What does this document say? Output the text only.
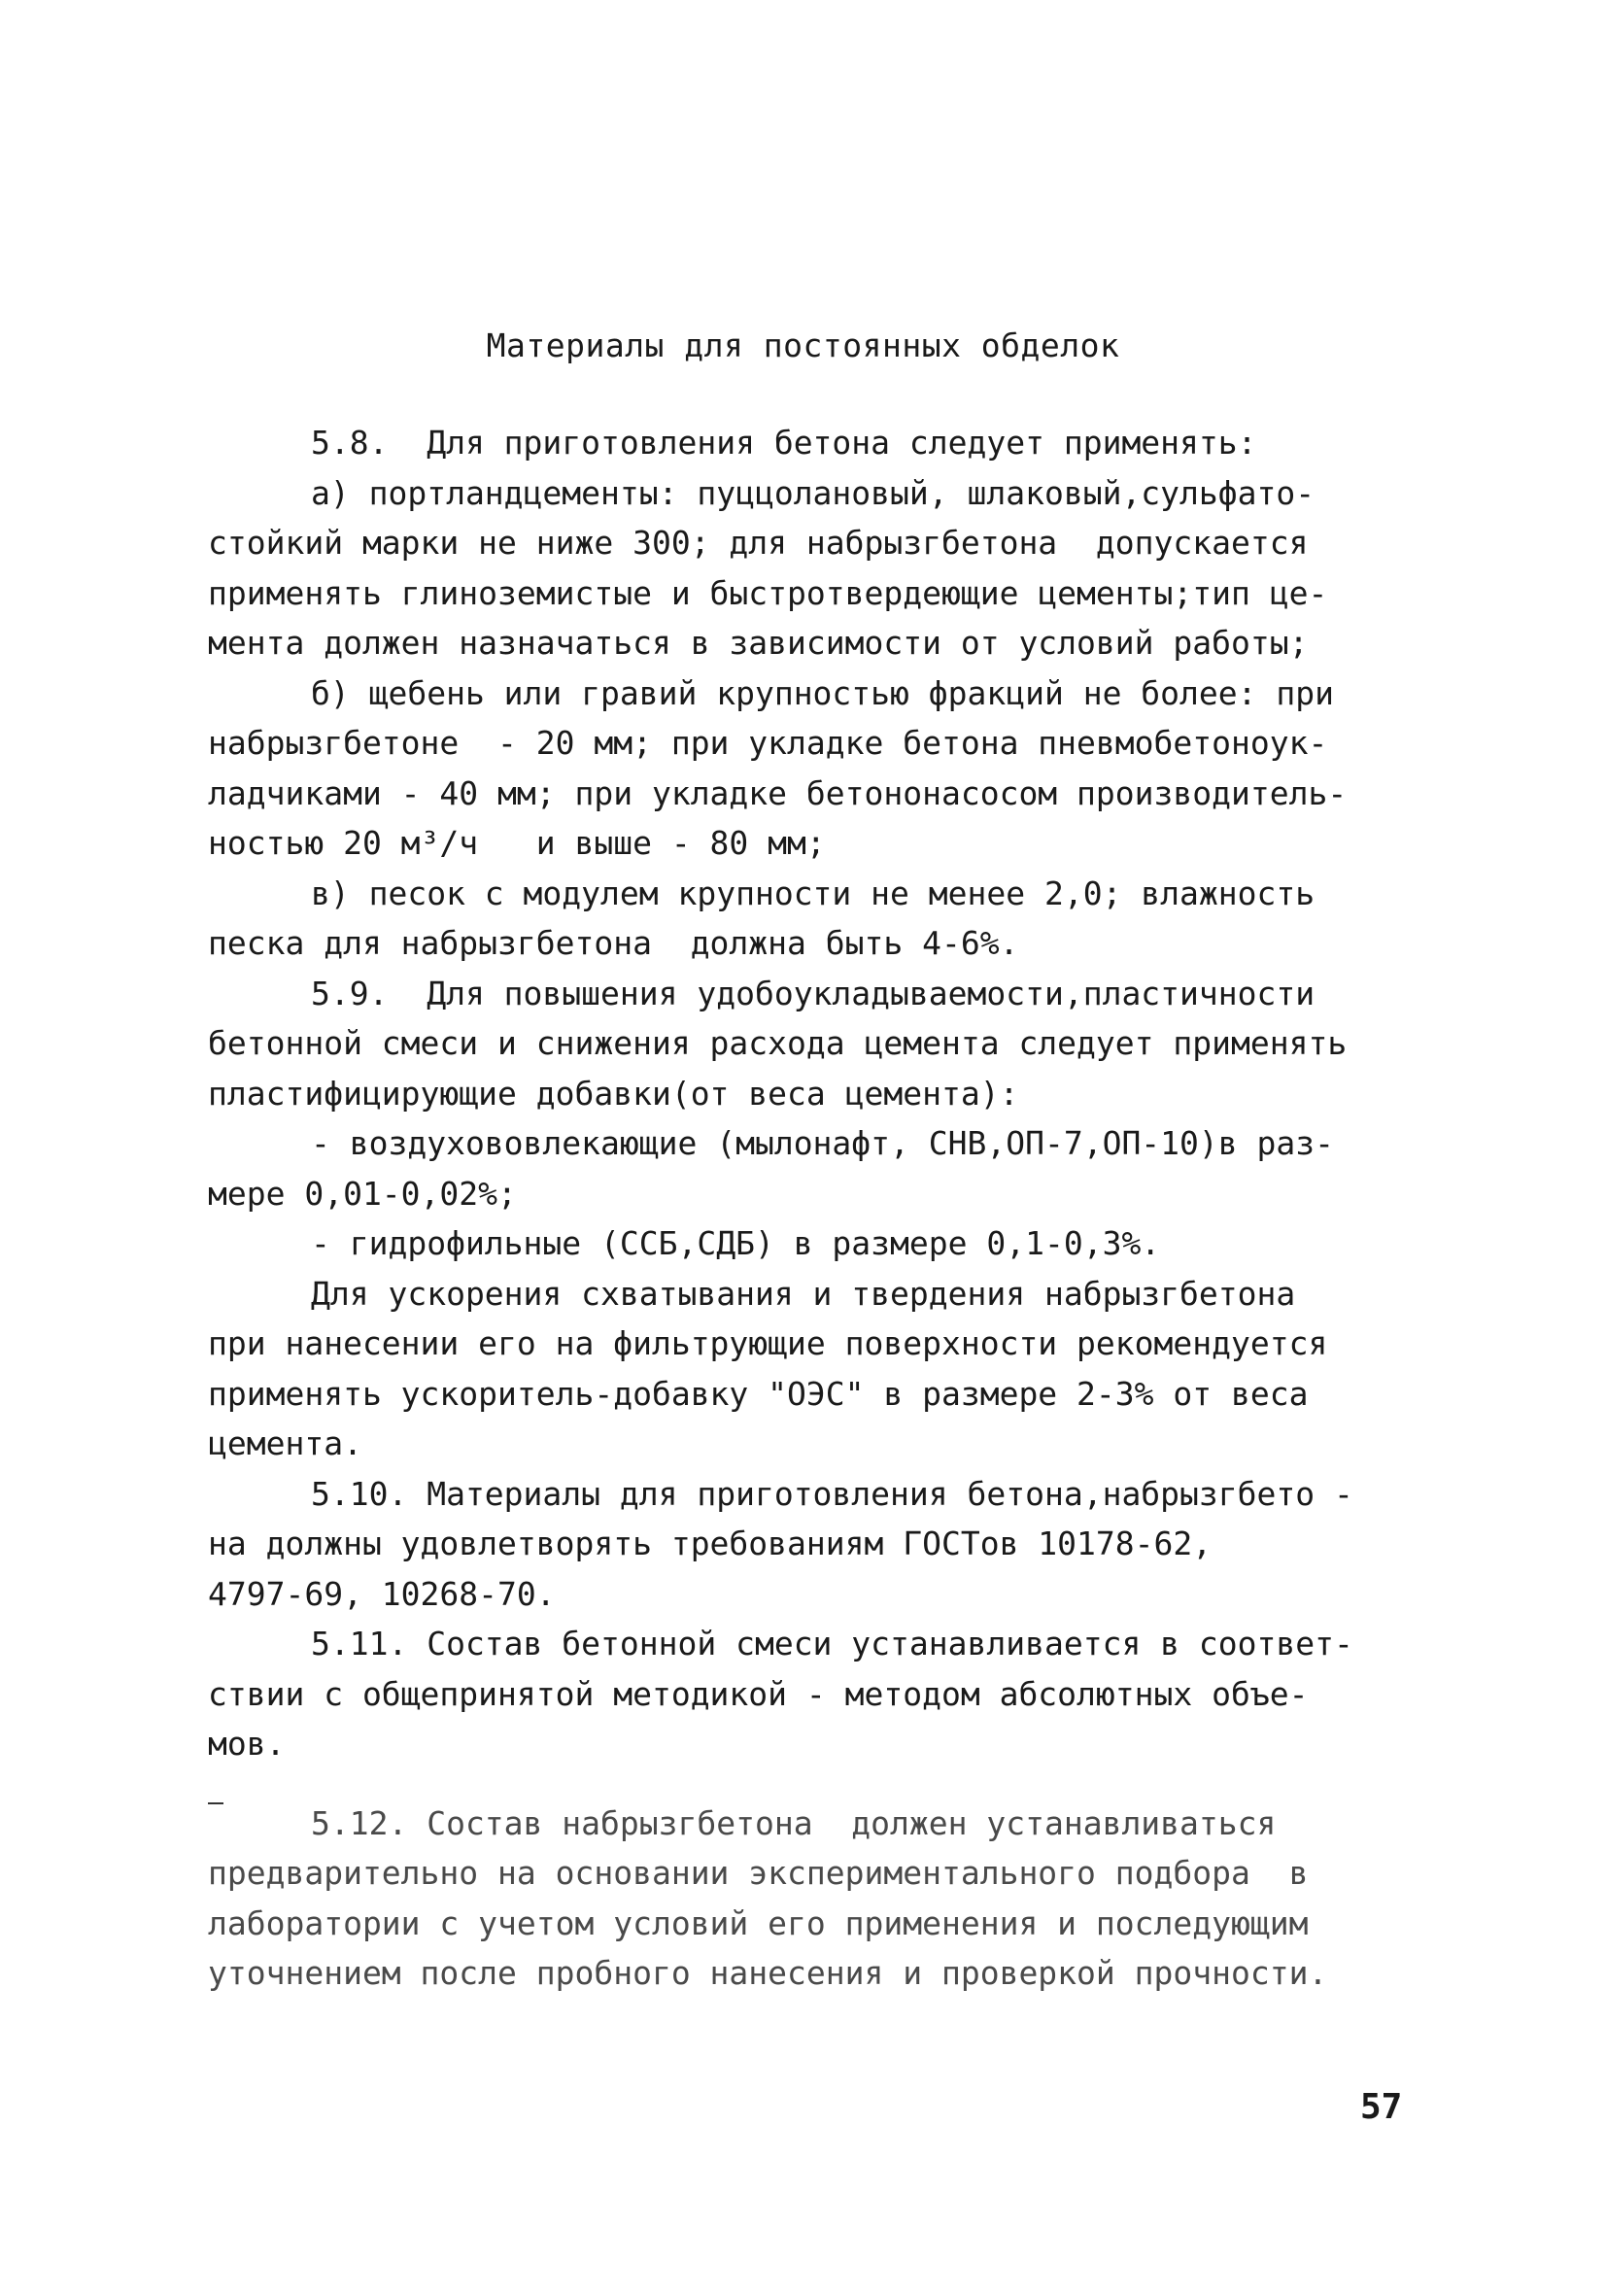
Материалы для постоянных обделок
5.8.  Для приготовления бетона следует применять:
а) портландцементы: пуццолановый, шлаковый,сульфато-
стойкий марки не ниже 300; для набрызгбетона  допускается
применять глиноземистые и быстротвердеющие цементы;тип це-
мента должен назначаться в зависимости от условий работы;
б) щебень или гравий крупностью фракций не более: при
набрызгбетоне  - 20 мм; при укладке бетона пневмобетоноук-
ладчиками - 40 мм; при укладке бетононасосом производитель-
ностью 20 м³/ч   и выше - 80 мм;
в) песок с модулем крупности не менее 2,0; влажность
песка для набрызгбетона  должна быть 4-6%.
5.9.  Для повышения удобоукладываемости,пластичности
бетонной смеси и снижения расхода цемента следует применять
пластифицирующие добавки(от веса цемента):
- воздухововлекающие (мылонафт, СНВ,ОП-7,ОП-10)в раз-
мере 0,01-0,02%;
- гидрофильные (ССБ,СДБ) в размере 0,1-0,3%.
Для ускорения схватывания и твердения набрызгбетона
при нанесении его на фильтрующие поверхности рекомендуется
применять ускоритель-добавку "ОЭС" в размере 2-3% от веса
цемента.
5.10. Материалы для приготовления бетона,набрызгбето -
на должны удовлетворять требованиям ГОСТов 10178-62,
4797-69, 10268-70.
5.11. Состав бетонной смеси устанавливается в соответ-
ствии с общепринятой методикой - методом абсолютных объе-
мов.
5.12. Состав набрызгбетона  должен устанавливаться
предварительно на основании экспериментального подбора  в
лаборатории с учетом условий его применения и последующим
уточнением после пробного нанесения и проверкой прочности.
57
